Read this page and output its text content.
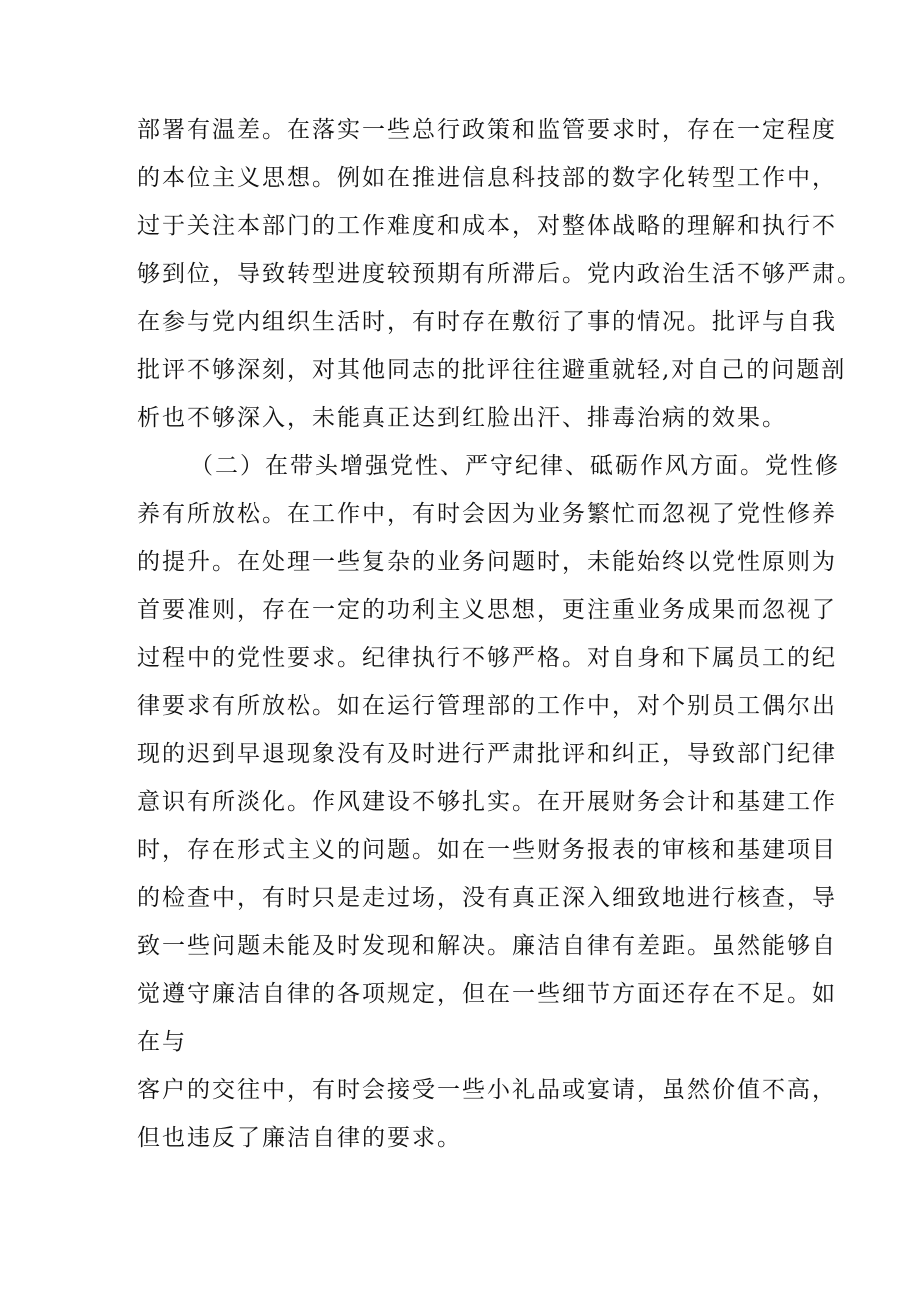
部署有温差。在落实一些总行政策和监管要求时，存在一定程度
的本位主义思想。例如在推进信息科技部的数字化转型工作中，
过于关注本部门的工作难度和成本，对整体战略的理解和执行不
够到位，导致转型进度较预期有所滞后。党内政治生活不够严肃。
在参与党内组织生活时，有时存在敷衍了事的情况。批评与自我
批评不够深刻，对其他同志的批评往往避重就轻,对自己的问题剖
析也不够深入，未能真正达到红脸出汗、排毒治病的效果。
（二）在带头增强党性、严守纪律、砥砺作风方面。党性修
养有所放松。在工作中，有时会因为业务繁忙而忽视了党性修养
的提升。在处理一些复杂的业务问题时，未能始终以党性原则为
首要准则，存在一定的功利主义思想，更注重业务成果而忽视了
过程中的党性要求。纪律执行不够严格。对自身和下属员工的纪
律要求有所放松。如在运行管理部的工作中，对个别员工偶尔出
现的迟到早退现象没有及时进行严肃批评和纠正，导致部门纪律
意识有所淡化。作风建设不够扎实。在开展财务会计和基建工作
时，存在形式主义的问题。如在一些财务报表的审核和基建项目
的检查中，有时只是走过场，没有真正深入细致地进行核查，导
致一些问题未能及时发现和解决。廉洁自律有差距。虽然能够自
觉遵守廉洁自律的各项规定，但在一些细节方面还存在不足。如
在与
客户的交往中，有时会接受一些小礼品或宴请，虽然价值不高，
但也违反了廉洁自律的要求。
